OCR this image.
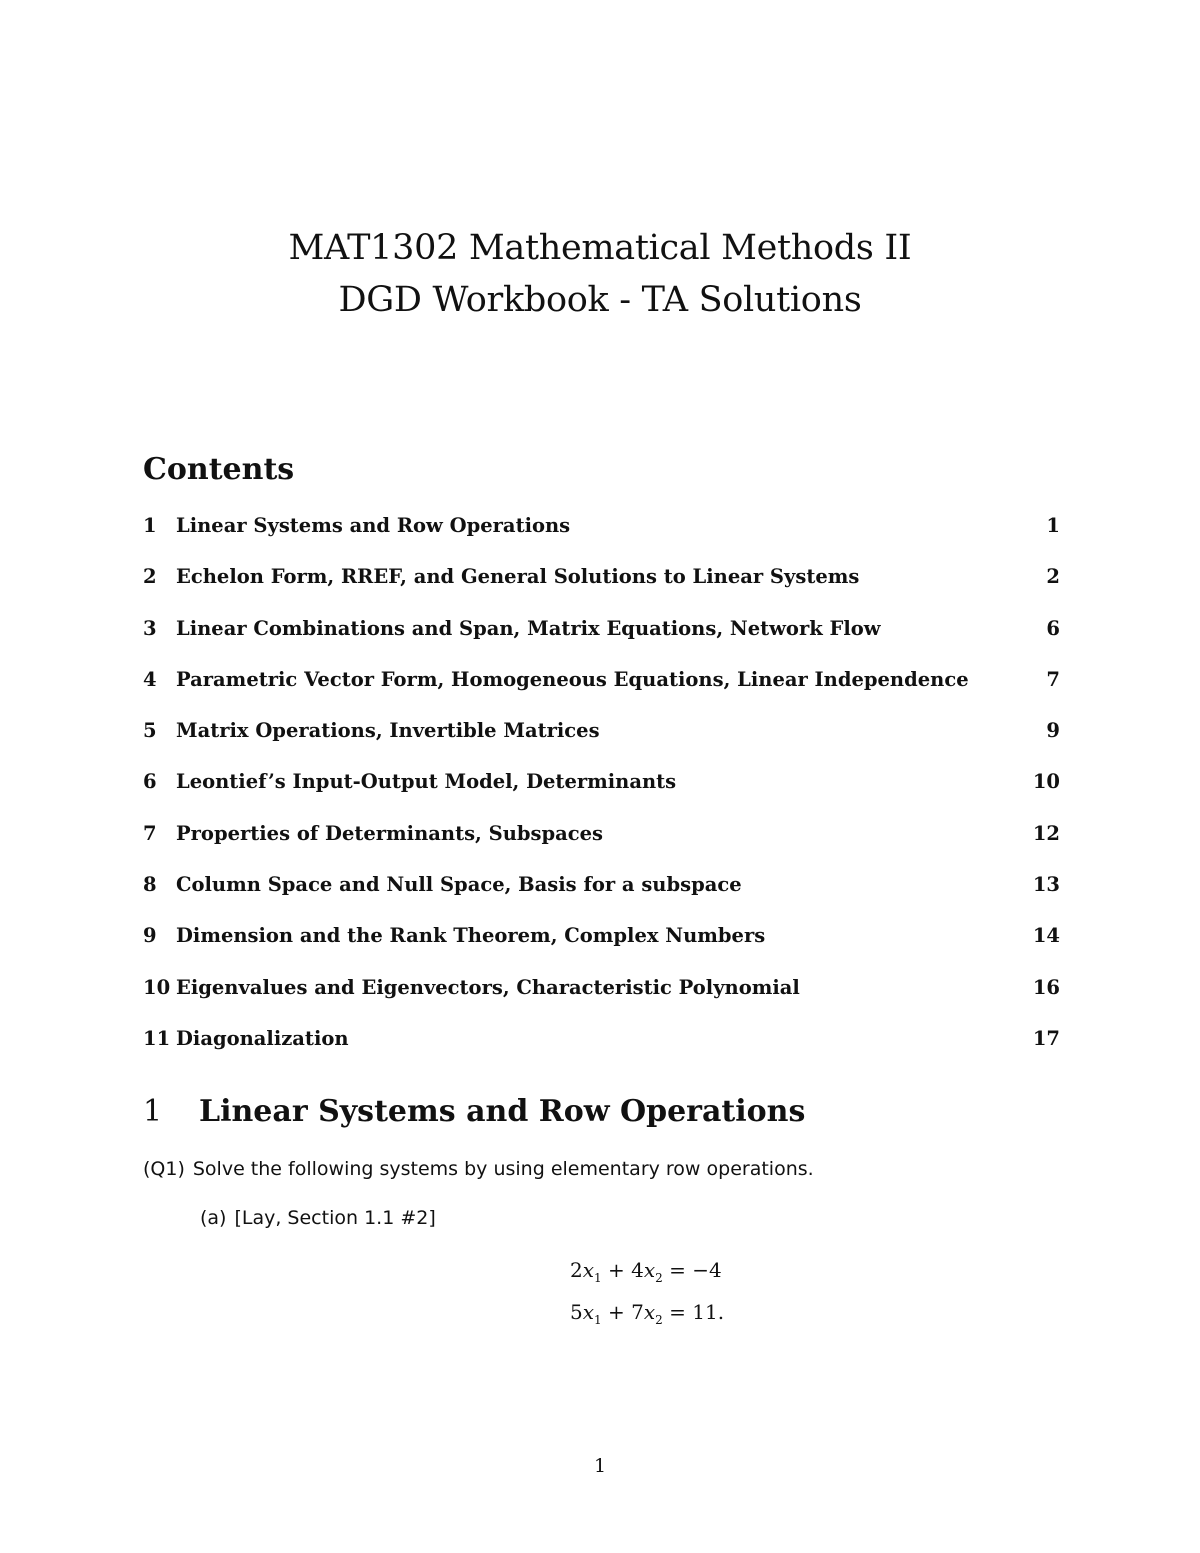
MAT1302 Mathematical Methods II

DGD Workbook - TA Solutions

Contents
1 Linear Systems and Row Operations	1
2 Echelon Form, RREF, and General Solutions to Linear Systems	2
3 Linear Combinations and Span, Matrix Equations, Network Flow	6
4 Parametric Vector Form, Homogeneous Equations, Linear Independence	7
5 Matrix Operations, Invertible Matrices	9
6 Leontief’s Input-Output Model, Determinants	10
7 Properties of Determinants, Subspaces	12
8 Column Space and Null Space, Basis for a subspace	13
9 Dimension and the Rank Theorem, Complex Numbers	14
10 Eigenvalues and Eigenvectors, Characteristic Polynomial	16
11 Diagonalization	17
1 Linear Systems and Row Operations
(Q1) Solve the following systems by using elementary row operations.
(a) [Lay, Section 1.1 #2]
$2x_1 + 4x_2 = -4$
$5x_1 + 7x_2 = 11$.
1
